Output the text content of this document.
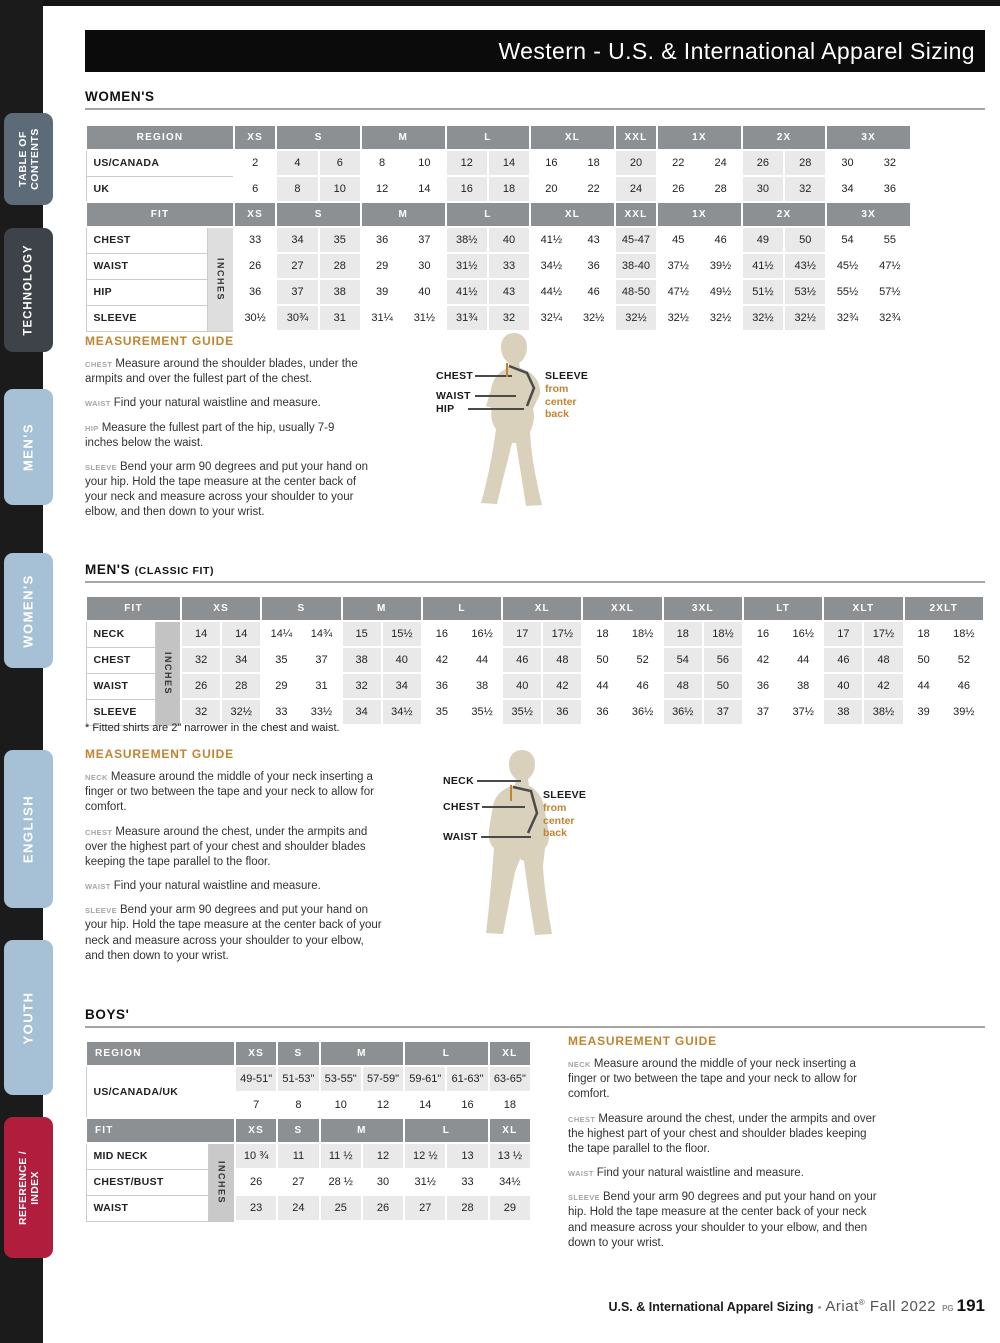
TABLE OF CONTENTS
TECHNOLOGY
MEN'S
WOMEN'S
ENGLISH
YOUTH
REFERENCE / INDEX
Western - U.S. & International Apparel Sizing
WOMEN'S
REGION		XS	S		M		L		XL		XXL	1X		2X		3X	
US/CANADA		2	4	6	8	10	12	14	16	18	20	22	24	26	28	30	32
UK		6	8	10	12	14	16	18	20	22	24	26	28	30	32	34	36
FIT		XS	S		M		L		XL		XXL	1X		2X		3X	
CHEST	INCHES	33	34	35	36	37	38½	40	41½	43	45-47	45	46	49	50	54	55
WAIST		26	27	28	29	30	31½	33	34½	36	38-40	37½	39½	41½	43½	45½	47½
HIP		36	37	38	39	40	41½	43	44½	46	48-50	47½	49½	51½	53½	55½	57½
SLEEVE		30½	30¾	31	31¼	31½	31¾	32	32¼	32½	32½	32½	32½	32½	32½	32¾	32¾

MEASUREMENT GUIDE

CHEST Measure around the shoulder blades, under the armpits and over the fullest part of the chest.

WAIST Find your natural waistline and measure.

HIP Measure the fullest part of the hip, usually 7-9 inches below the waist.

SLEEVE Bend your arm 90 degrees and put your hand on your hip. Hold the tape measure at the center back of your neck and measure across your shoulder to your elbow, and then down to your wrist.

CHEST
WAIST
HIP
SLEEVE
from center back
MEN'S (CLASSIC FIT)
FIT		XS		S		M		L		XL		XXL		3XL		LT		XLT		2XLT	
NECK	INCHES	14	14	14¼	14¾	15	15½	16	16½	17	17½	18	18½	18	18½	16	16½	17	17½	18	18½
CHEST		32	34	35	37	38	40	42	44	46	48	50	52	54	56	42	44	46	48	50	52
WAIST		26	28	29	31	32	34	36	38	40	42	44	46	48	50	36	38	40	42	44	46
SLEEVE		32	32½	33	33½	34	34½	35	35½	35½	36	36	36½	36½	37	37	37½	38	38½	39	39½
* Fitted shirts are 2" narrower in the chest and waist.

MEASUREMENT GUIDE

NECK Measure around the middle of your neck inserting a finger or two between the tape and your neck to allow for comfort.

CHEST Measure around the chest, under the armpits and over the highest part of your chest and shoulder blades keeping the tape parallel to the floor.

WAIST Find your natural waistline and measure.

SLEEVE Bend your arm 90 degrees and put your hand on your hip. Hold the tape measure at the center back of your neck and measure across your shoulder to your elbow, and then down to your wrist.

NECK
CHEST
WAIST
SLEEVE
from center back
BOYS'
REGION		XS	S	M		L		XL
US/CANADA/UK		49-51"	51-53"	53-55"	57-59"	59-61"	61-63"	63-65"
		7	8	10	12	14	16	18
FIT		XS	S	M		L		XL
MID NECK	INCHES	10 ¾	11	11 ½	12	12 ½	13	13 ½
CHEST/BUST		26	27	28 ½	30	31½	33	34½
WAIST		23	24	25	26	27	28	29

MEASUREMENT GUIDE

NECK Measure around the middle of your neck inserting a finger or two between the tape and your neck to allow for comfort.

CHEST Measure around the chest, under the armpits and over the highest part of your chest and shoulder blades keeping the tape parallel to the floor.

WAIST Find your natural waistline and measure.

SLEEVE Bend your arm 90 degrees and put your hand on your hip. Hold the tape measure at the center back of your neck and measure across your shoulder to your elbow, and then down to your wrist.

U.S. & International Apparel Sizing • Ariat® Fall 2022 PG 191
